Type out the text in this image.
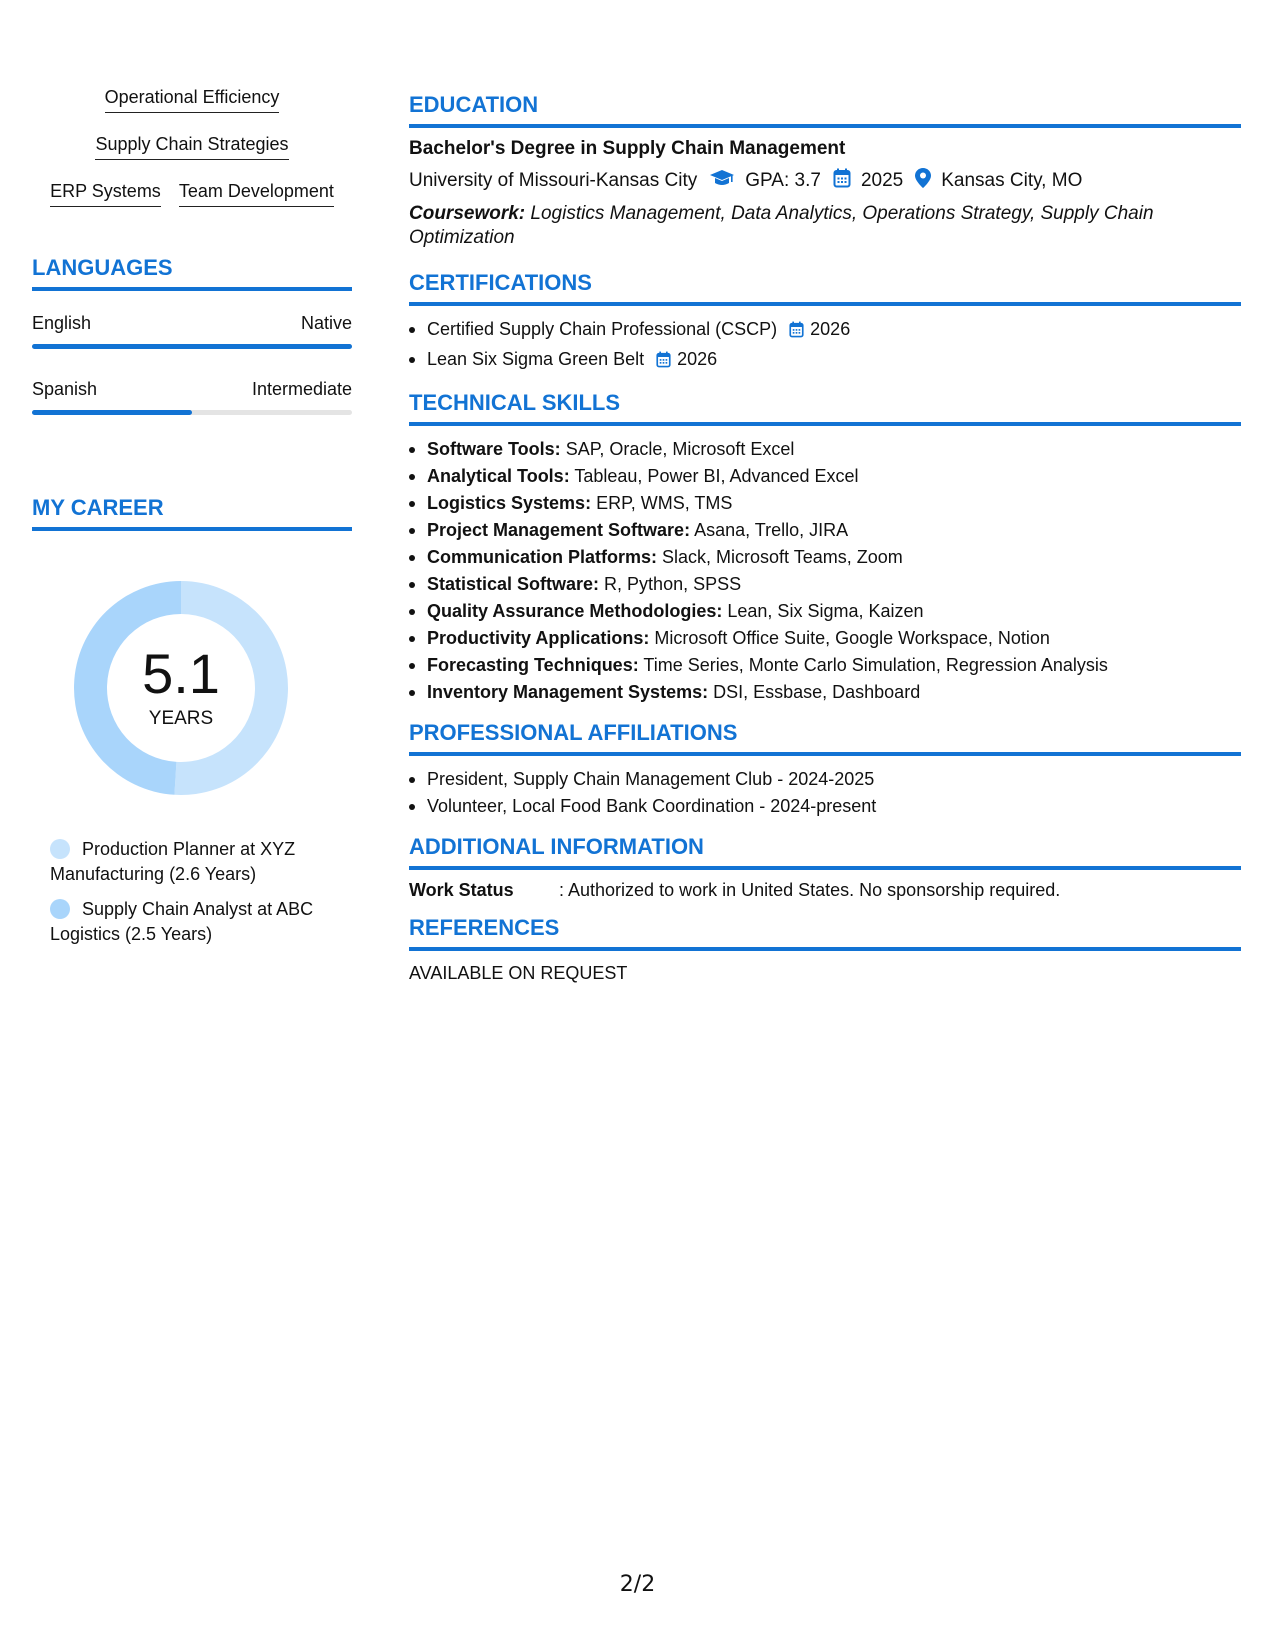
Operational Efficiency
Supply Chain Strategies
ERP Systems Team Development
LANGUAGES
English	Native
Spanish	Intermediate
MY CAREER
5.1
YEARS
Production Planner at XYZ Manufacturing (2.6 Years)
Supply Chain Analyst at ABC Logistics (2.5 Years)
EDUCATION
Bachelor's Degree in Supply Chain Management
University of Missouri-Kansas City	GPA: 3.7 2025 Kansas City, MO
Coursework: Logistics Management, Data Analytics, Operations Strategy, Supply Chain Optimization
CERTIFICATIONS
Certified Supply Chain Professional (CSCP) 2026
Lean Six Sigma Green Belt 2026
TECHNICAL SKILLS
Software Tools: SAP, Oracle, Microsoft Excel
Analytical Tools: Tableau, Power BI, Advanced Excel
Logistics Systems: ERP, WMS, TMS
Project Management Software: Asana, Trello, JIRA
Communication Platforms: Slack, Microsoft Teams, Zoom
Statistical Software: R, Python, SPSS
Quality Assurance Methodologies: Lean, Six Sigma, Kaizen
Productivity Applications: Microsoft Office Suite, Google Workspace, Notion
Forecasting Techniques: Time Series, Monte Carlo Simulation, Regression Analysis
Inventory Management Systems: DSI, Essbase, Dashboard
PROFESSIONAL AFFILIATIONS
President, Supply Chain Management Club - 2024-2025
Volunteer, Local Food Bank Coordination - 2024-present
ADDITIONAL INFORMATION
Work Status	: Authorized to work in United States. No sponsorship required.
REFERENCES
AVAILABLE ON REQUEST
2/2
